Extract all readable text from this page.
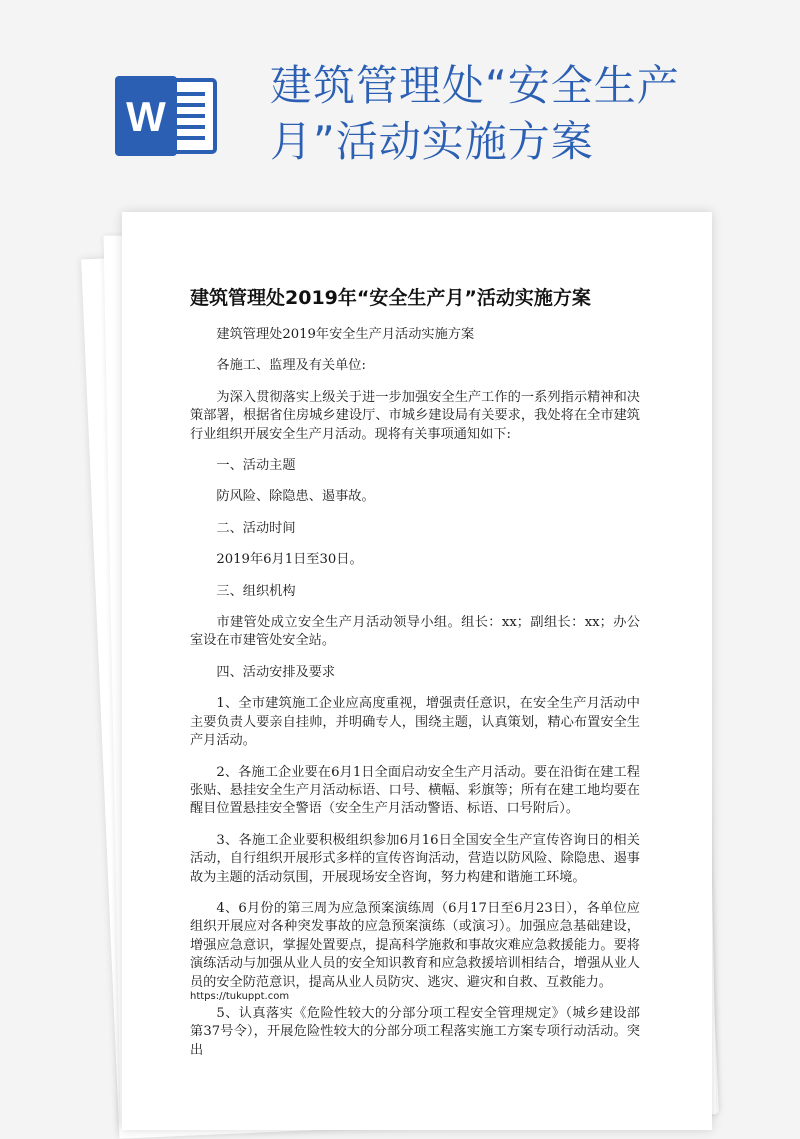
W
建筑管理处“安全生产月”活动实施方案
建筑管理处2019年“安全生产月”活动实施方案

建筑管理处2019年安全生产月活动实施方案

各施工、监理及有关单位:

为深入贯彻落实上级关于进一步加强安全生产工作的一系列指示精神和决策部署，根据省住房城乡建设厅、市城乡建设局有关要求，我处将在全市建筑行业组织开展安全生产月活动。现将有关事项通知如下:

一、活动主题

防风险、除隐患、遏事故。

二、活动时间

2019年6月1日至30日。

三、组织机构

市建管处成立安全生产月活动领导小组。组长：xx；副组长：xx；办公室设在市建管处安全站。

四、活动安排及要求

1、全市建筑施工企业应高度重视，增强责任意识，在安全生产月活动中主要负责人要亲自挂帅，并明确专人，围绕主题，认真策划，精心布置安全生产月活动。

2、各施工企业要在6月1日全面启动安全生产月活动。要在沿街在建工程张贴、悬挂安全生产月活动标语、口号、横幅、彩旗等；所有在建工地均要在醒目位置悬挂安全警语（安全生产月活动警语、标语、口号附后）。

3、各施工企业要积极组织参加6月16日全国安全生产宣传咨询日的相关活动，自行组织开展形式多样的宣传咨询活动，营造以防风险、除隐患、遏事故为主题的活动氛围，开展现场安全咨询，努力构建和谐施工环境。

4、6月份的第三周为应急预案演练周（6月17日至6月23日），各单位应组织开展应对各种突发事故的应急预案演练（或演习）。加强应急基础建设，增强应急意识，掌握处置要点，提高科学施救和事故灾难应急救援能力。要将演练活动与加强从业人员的安全知识教育和应急救援培训相结合，增强从业人员的安全防范意识，提高从业人员防灾、逃灾、避灾和自救、互救能力。

5、认真落实《危险性较大的分部分项工程安全管理规定》（城乡建设部第37号令），开展危险性较大的分部分项工程落实施工方案专项行动活动。突出

https://tukuppt.com
